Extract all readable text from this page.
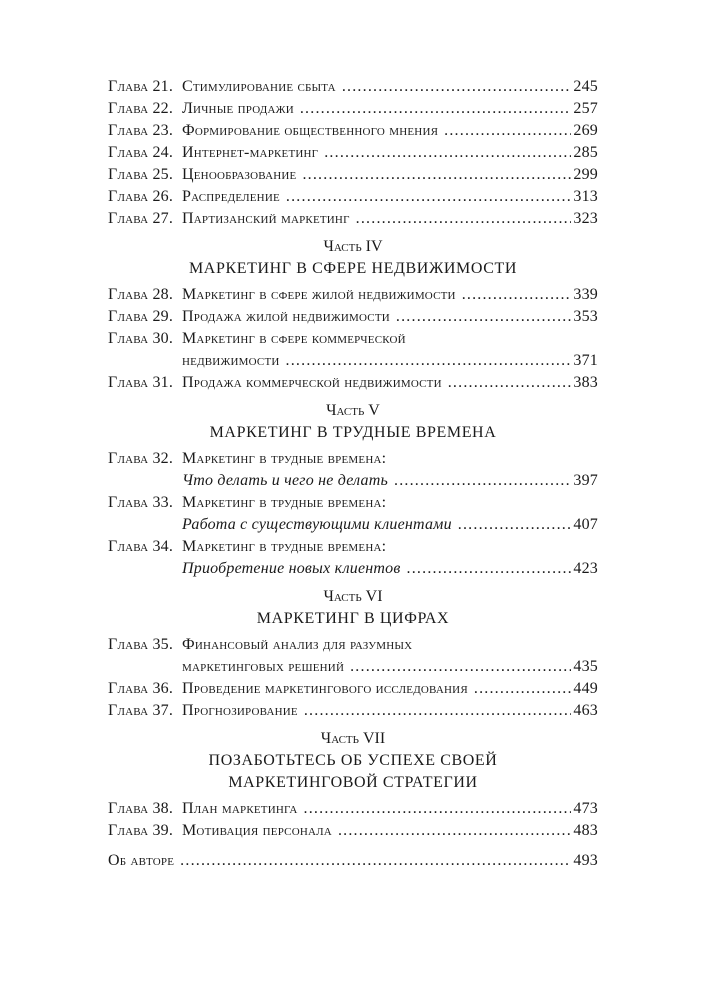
Глава 21. Стимулирование сбыта .....	245
Глава 22. Личные продажи .....	257
Глава 23. Формирование общественного мнения .....	269
Глава 24. Интернет-маркетинг .....	285
Глава 25. Ценообразование .....	299
Глава 26. Распределение .....	313
Глава 27. Партизанский маркетинг .....	323
Часть IV
МАРКЕТИНГ В СФЕРЕ НЕДВИЖИМОСТИ
Глава 28. Маркетинг в сфере жилой недвижимости .....	339
Глава 29. Продажа жилой недвижимости .....	353
Глава 30. Маркетинг в сфере коммерческой
недвижимости .....	371
Глава 31. Продажа коммерческой недвижимости .....	383
Часть V
МАРКЕТИНГ В ТРУДНЫЕ ВРЕМЕНА
Глава 32. Маркетинг в трудные времена:
Что делать и чего не делать .....	397
Глава 33. Маркетинг в трудные времена:
Работа с существующими клиентами .....	407
Глава 34. Маркетинг в трудные времена:
Приобретение новых клиентов .....	423
Часть VI
МАРКЕТИНГ В ЦИФРАХ
Глава 35. Финансовый анализ для разумных
маркетинговых решений .....	435
Глава 36. Проведение маркетингового исследования .....	449
Глава 37. Прогнозирование .....	463
Часть VII
ПОЗАБОТЬТЕСЬ ОБ УСПЕХЕ СВОЕЙ
МАРКЕТИНГОВОЙ СТРАТЕГИИ
Глава 38. План маркетинга .....	473
Глава 39. Мотивация персонала .....	483
Об авторе .....	493
